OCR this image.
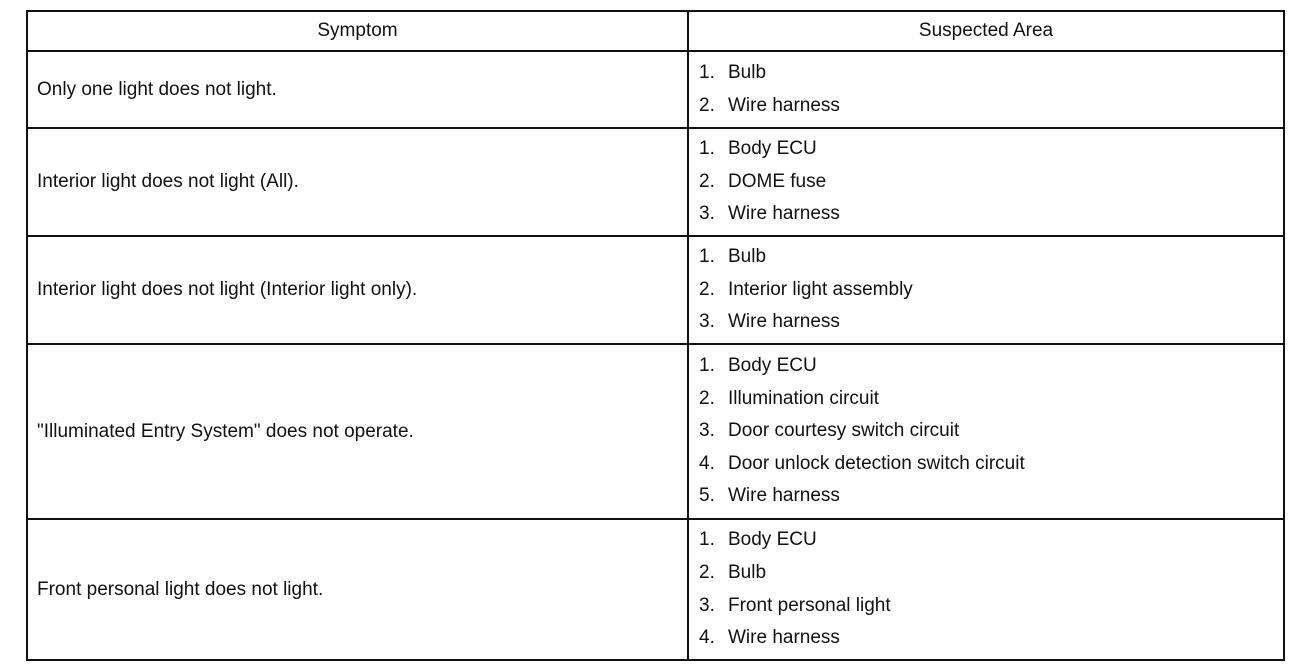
Symptom	Suspected Area
Only one light does not light.
1. Bulb
2. Wire harness
Interior light does not light (All).
1. Body ECU
2. DOME fuse
3. Wire harness
Interior light does not light (Interior light only).
1. Bulb
2. Interior light assembly
3. Wire harness
"Illuminated Entry System" does not operate.
1. Body ECU
2. Illumination circuit
3. Door courtesy switch circuit
4. Door unlock detection switch circuit
5. Wire harness
Front personal light does not light.
1. Body ECU
2. Bulb
3. Front personal light
4. Wire harness
